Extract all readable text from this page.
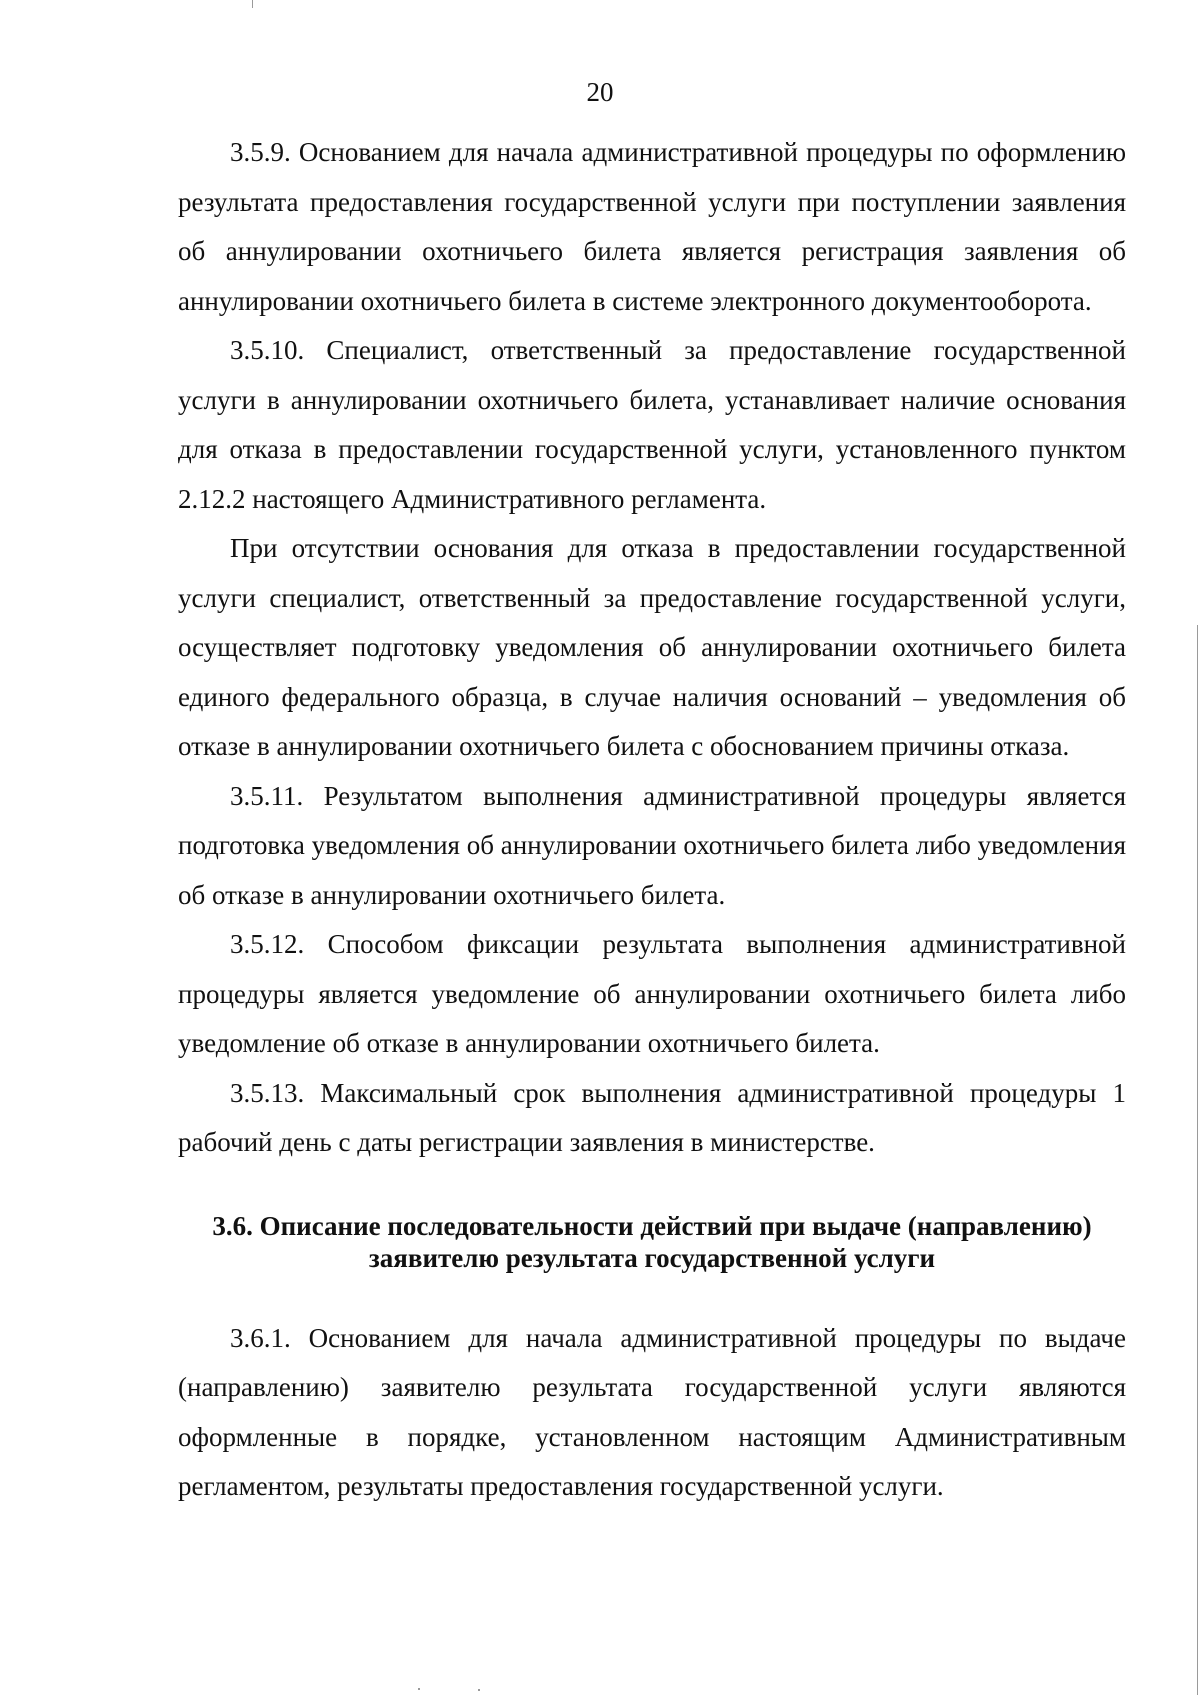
20

3.5.9. Основанием для начала административной процедуры по оформлению результата предоставления государственной услуги при поступлении заявления об аннулировании охотничьего билета является регистрация заявления об аннулировании охотничьего билета в системе электронного документооборота.

3.5.10. Специалист, ответственный за предоставление государственной услуги в аннулировании охотничьего билета, устанавливает наличие основания для отказа в предоставлении государственной услуги, установленного пунктом 2.12.2 настоящего Административного регламента.

При отсутствии основания для отказа в предоставлении государственной услуги специалист, ответственный за предоставление государственной услуги, осуществляет подготовку уведомления об аннулировании охотничьего билета единого федерального образца, в случае наличия оснований – уведомления об отказе в аннулировании охотничьего билета с обоснованием причины отказа.

3.5.11. Результатом выполнения административной процедуры является подготовка уведомления об аннулировании охотничьего билета либо уведомления об отказе в аннулировании охотничьего билета.

3.5.12. Способом фиксации результата выполнения административной процедуры является уведомление об аннулировании охотничьего билета либо уведомление об отказе в аннулировании охотничьего билета.

3.5.13. Максимальный срок выполнения административной процедуры 1 рабочий день с даты регистрации заявления в министерстве.

3.6. Описание последовательности действий при выдаче (направлению)
заявителю результата государственной услуги

3.6.1. Основанием для начала административной процедуры по выдаче (направлению) заявителю результата государственной услуги являются оформленные в порядке, установленном настоящим Административным регламентом, результаты предоставления государственной услуги.
